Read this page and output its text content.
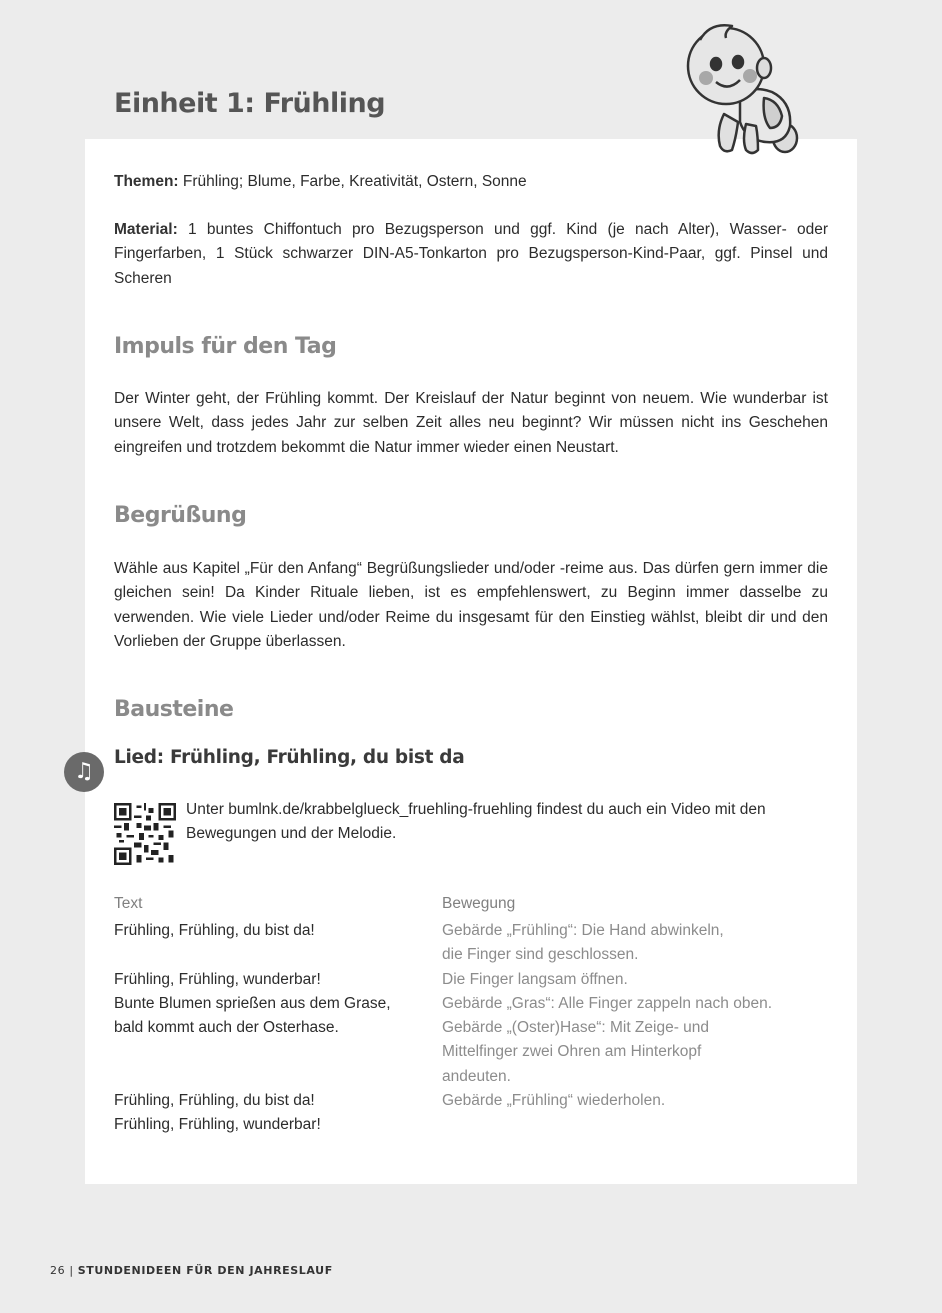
Einheit 1: Frühling
Themen: Frühling; Blume, Farbe, Kreativität, Ostern, Sonne
Material: 1 buntes Chiffontuch pro Bezugsperson und ggf. Kind (je nach Alter), Wasser- oder Fingerfarben, 1 Stück schwarzer DIN-A5-Tonkarton pro Bezugsperson-Kind-Paar, ggf. Pinsel und Scheren
Impuls für den Tag
Der Winter geht, der Frühling kommt. Der Kreislauf der Natur beginnt von neuem. Wie wunderbar ist unsere Welt, dass jedes Jahr zur selben Zeit alles neu beginnt? Wir müssen nicht ins Geschehen eingreifen und trotzdem bekommt die Natur immer wieder einen Neustart.
Begrüßung
Wähle aus Kapitel „Für den Anfang“ Begrüßungslieder und/oder -reime aus. Das dürfen gern immer die gleichen sein! Da Kinder Rituale lieben, ist es empfehlenswert, zu Beginn immer dasselbe zu verwenden. Wie viele Lieder und/oder Reime du insgesamt für den Einstieg wählst, bleibt dir und den Vorlieben der Gruppe überlassen.
Bausteine
♫
Lied: Frühling, Frühling, du bist da
Unter bumlnk.de/krabbelglueck_fruehling-fruehling findest du auch ein Video mit den Bewegungen und der Melodie.
Text	Bewegung
Frühling, Frühling, du bist da!

Frühling, Frühling, wunderbar!
Bunte Blumen sprießen aus dem Grase,
bald kommt auch der Osterhase.

Frühling, Frühling, du bist da!
Frühling, Frühling, wunderbar!
Gebärde „Frühling“: Die Hand abwinkeln,
die Finger sind geschlossen.
Die Finger langsam öffnen.
Gebärde „Gras“: Alle Finger zappeln nach oben.
Gebärde „(Oster)Hase“: Mit Zeige- und
Mittelfinger zwei Ohren am Hinterkopf
andeuten.
Gebärde „Frühling“ wiederholen.
26 | STUNDENIDEEN FÜR DEN JAHRESLAUF
